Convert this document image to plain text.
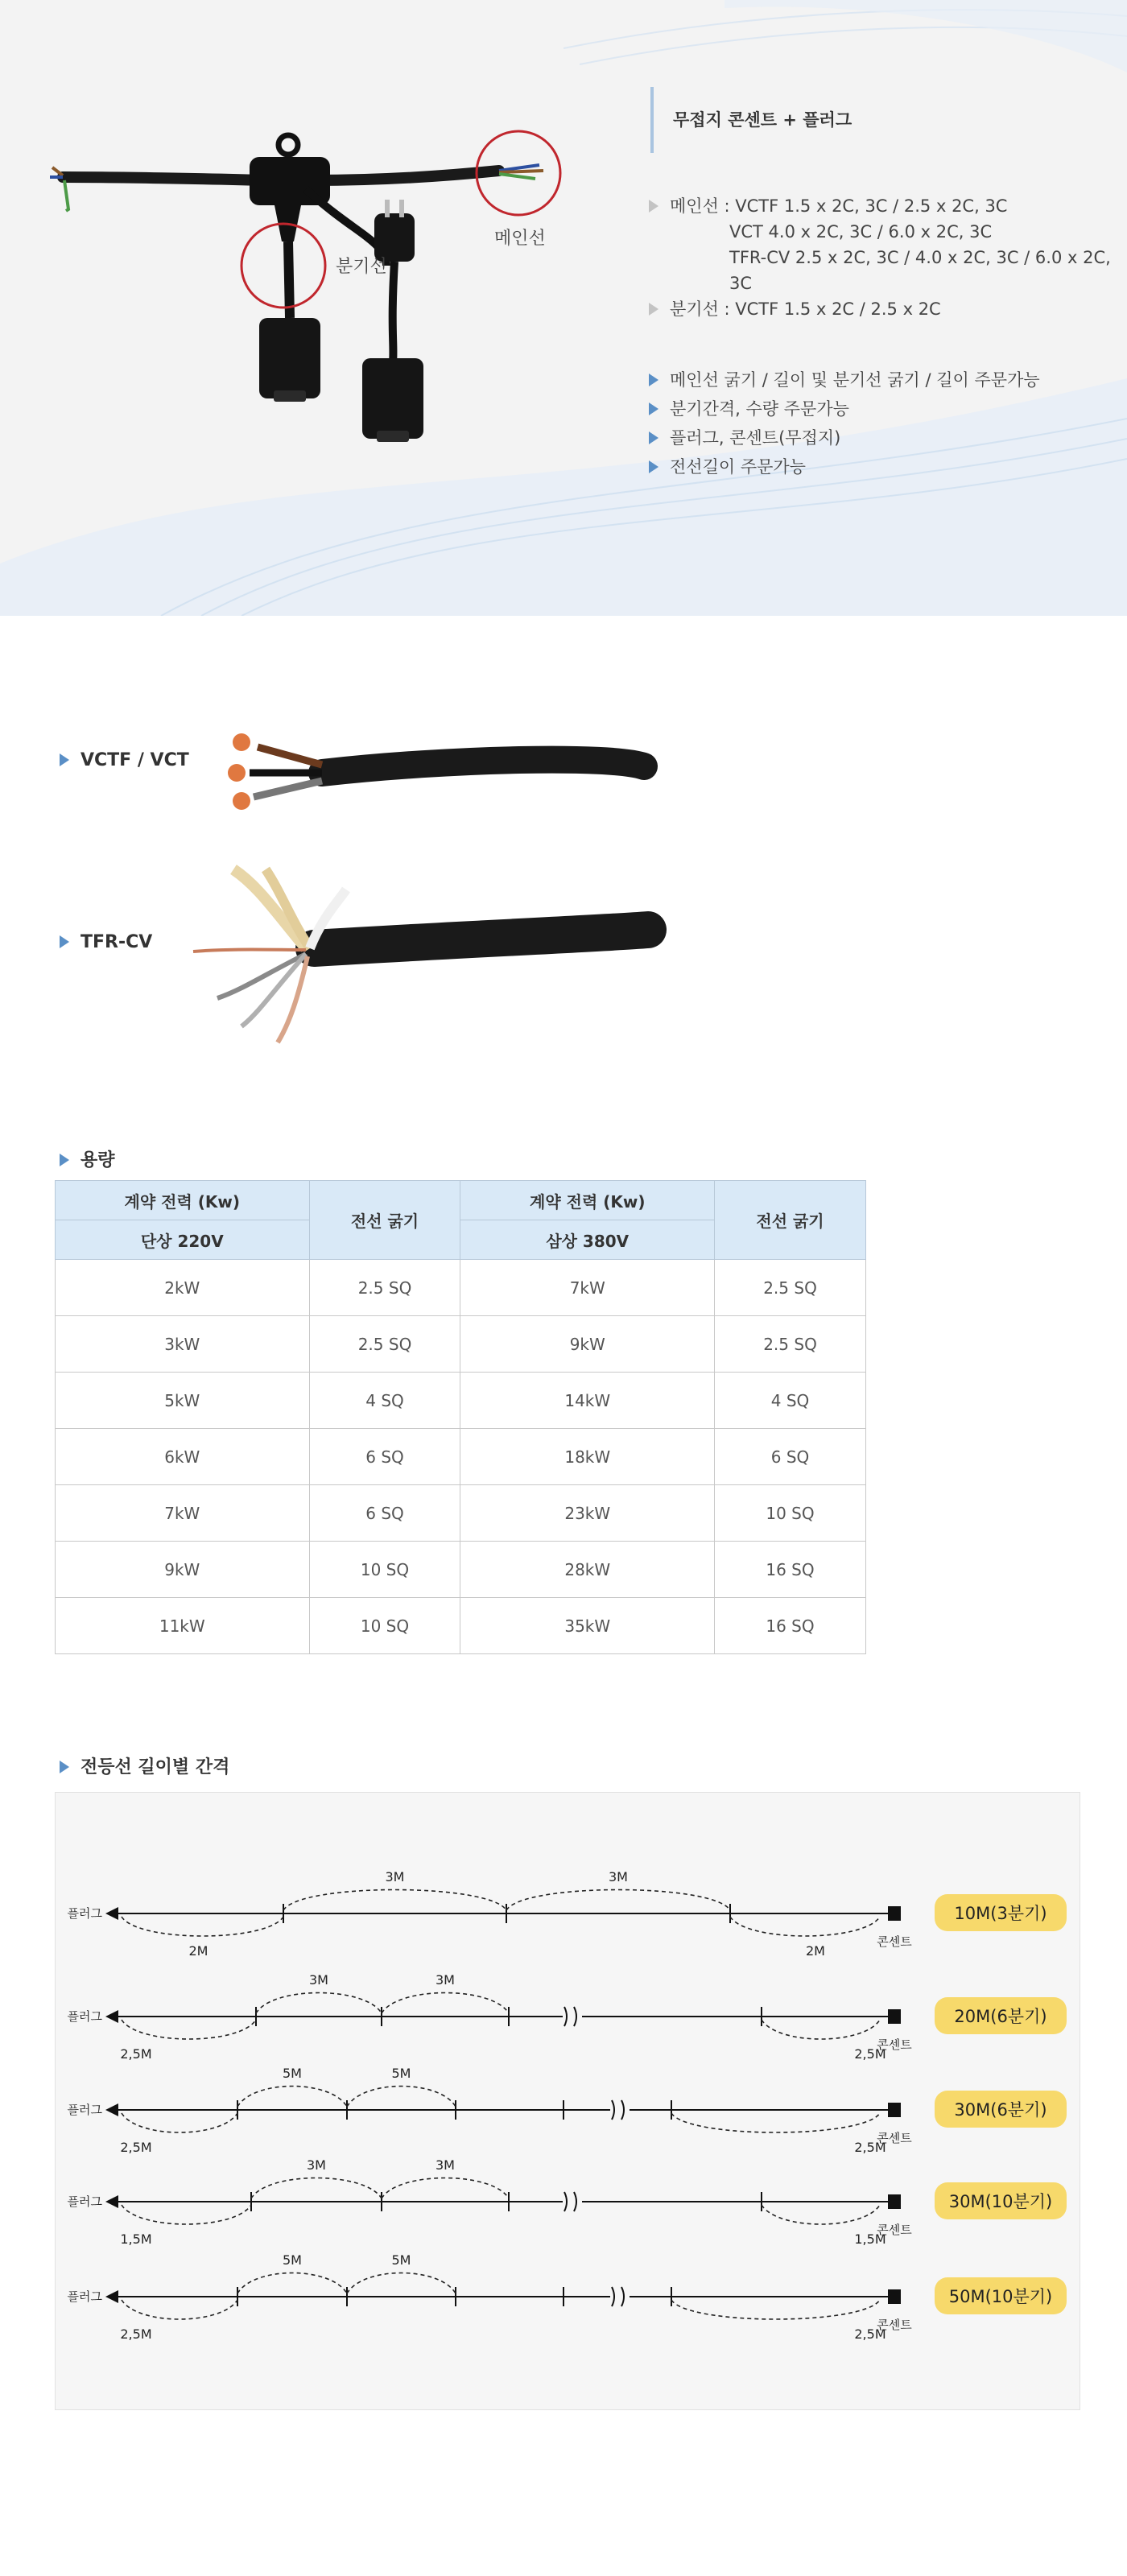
분기선
메인선
무접지 콘센트 + 플러그
메인선 : VCTF 1.5 x 2C, 3C / 2.5 x 2C, 3C
VCT 4.0 x 2C, 3C / 6.0 x 2C, 3C
TFR-CV 2.5 x 2C, 3C / 4.0 x 2C, 3C / 6.0 x 2C, 3C
분기선 : VCTF 1.5 x 2C / 2.5 x 2C
메인선 굵기 / 길이 및 분기선 굵기 / 길이 주문가능
분기간격, 수량 주문가능
플러그, 콘센트(무접지)
전선길이 주문가능
VCTF / VCT
TFR-CV
용량
계약 전력 (Kw)	전선 굵기	계약 전력 (Kw)	전선 굵기
단상 220V		삼상 380V	
2kW	2.5 SQ	7kW	2.5 SQ
3kW	2.5 SQ	9kW	2.5 SQ
5kW	4 SQ	14kW	4 SQ
6kW	6 SQ	18kW	6 SQ
7kW	6 SQ	23kW	10 SQ
9kW	10 SQ	28kW	16 SQ
11kW	10 SQ	35kW	16 SQ
전등선 길이별 간격
플러그
콘센트
3M	3M
2M	2M
10M(3분기)
플러그
콘센트
3M	3M
2,5M	2,5M
20M(6분기)
플러그
콘센트
5M	5M
2,5M	2,5M
30M(6분기)
플러그
콘센트
3M	3M
1,5M	1,5M
30M(10분기)
플러그
콘센트
5M	5M
2,5M	2,5M
50M(10분기)
